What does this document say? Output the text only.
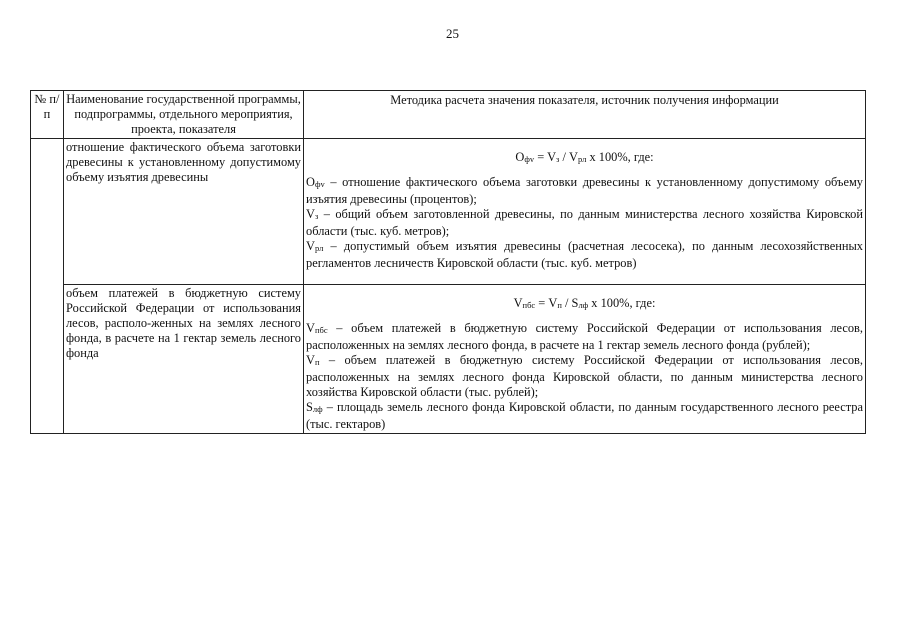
25
№ п/п	Наименование государственной программы, подпрограммы, отдельного мероприятия, проекта, показателя	Методика расчета значения показателя, источник получения информации
	отношение фактического объема заготовки древесины к установленному допустимому объему изъятия древесины	Офv = Vз / Vрл x 100%, где:

Офv – отношение фактического объема заготовки древесины к установленному допустимому объему изъятия древесины (процентов);

Vз – общий объем заготовленной древесины, по данным министерства лесного хозяйства Кировской области (тыс. куб. метров);

Vрл – допустимый объем изъятия древесины (расчетная лесосека), по данным лесохозяйственных регламентов лесничеств Кировской области (тыс. куб. метров)

	объем платежей в бюджетную систему Российской Федерации от использования лесов, располо-женных на землях лесного фонда, в расчете на 1 гектар земель лесного фонда	Vпбс = Vп / Sлф x 100%, где:

Vпбс – объем платежей в бюджетную систему Российской Федерации от использования лесов, расположенных на землях лесного фонда, в расчете на 1 гектар земель лесного фонда (рублей);

Vп – объем платежей в бюджетную систему Российской Федерации от использования лесов, расположенных на землях лесного фонда Кировской области, по данным министерства лесного хозяйства Кировской области (тыс. рублей);

Sлф – площадь земель лесного фонда Кировской области, по данным государственного лесного реестра (тыс. гектаров)
